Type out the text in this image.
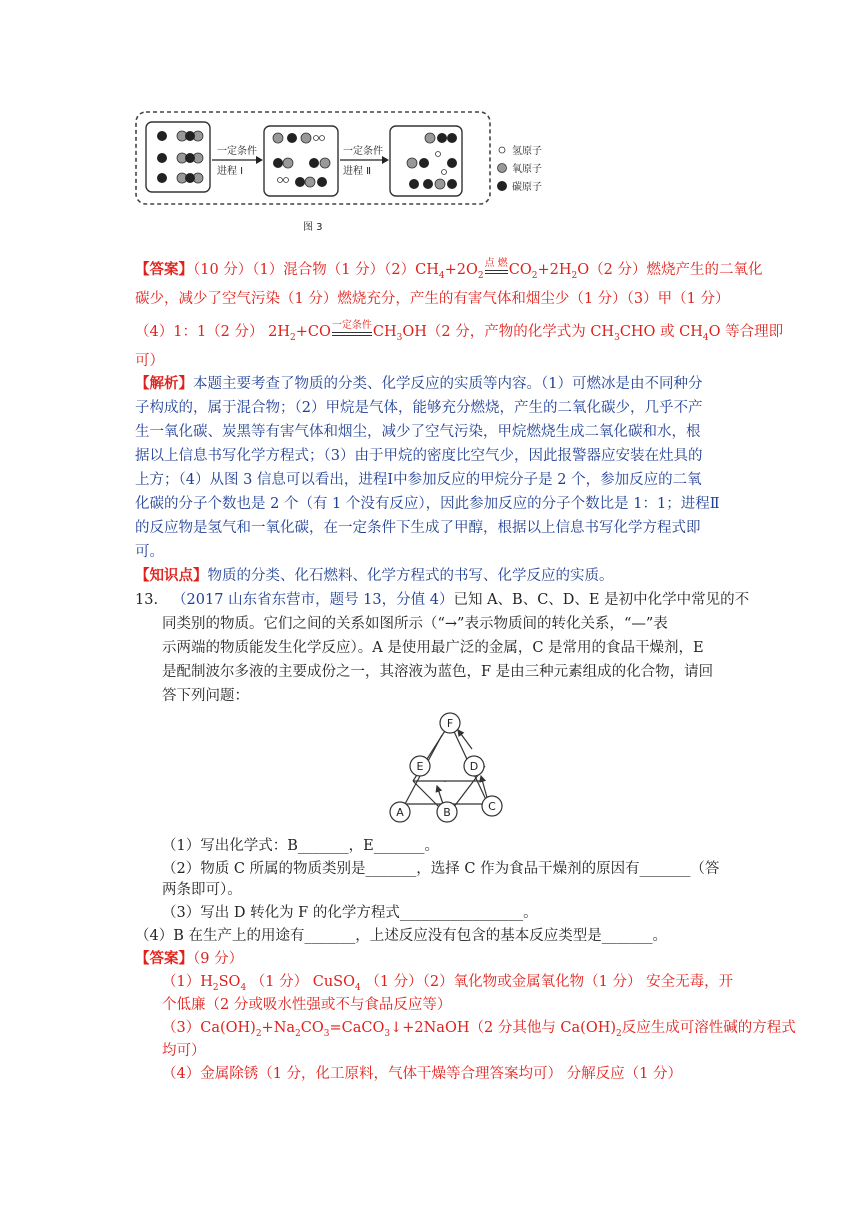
一定条件
进程 Ⅰ
一定条件
进程 Ⅱ
氢原子
氧原子
碳原子
图 3
【答案】（10 分）（1）混合物（1 分）$(2)CH_4+2O_2$点 燃
$CO_2+2H_2O(2$ 分）燃烧产生的二氧化
碳少，减少了空气污染（1 分）燃烧充分，产生的有害气体和烟尘少（1 分）（3）甲（1 分）
（4）1：1（2 分） $2H_2+CO$一定条件
$CH_3OH(2$ 分，产物的化学式为 $CH_3CHO$ 或 $CH_4O$ 等合理即
可）
【解析】本题主要考查了物质的分类、化学反应的实质等内容。（1）可燃冰是由不同种分
子构成的，属于混合物；（2）甲烷是气体，能够充分燃烧，产生的二氧化碳少，几乎不产
生一氧化碳、炭黑等有害气体和烟尘，减少了空气污染，甲烷燃烧生成二氧化碳和水，根
据以上信息书写化学方程式；（3）由于甲烷的密度比空气少，因此报警器应安装在灶具的
上方；（4）从图 3 信息可以看出，进程Ⅰ中参加反应的甲烷分子是 2 个，参加反应的二氧
化碳的分子个数也是 2 个（有 1 个没有反应），因此参加反应的分子个数比是 1：1；进程Ⅱ
的反应物是氢气和一氧化碳，在一定条件下生成了甲醇，根据以上信息书写化学方程式即
可。
【知识点】物质的分类、化石燃料、化学方程式的书写、化学反应的实质。
13. （2017 山东省东营市，题号 13，分值 4）已知 A、B、C、D、E 是初中化学中常见的不
同类别的物质。它们之间的关系如图所示（“→”表示物质间的转化关系，“—”表
示两端的物质能发生化学反应）。A 是使用最广泛的金属，C 是常用的食品干燥剂，E
是配制波尔多液的主要成份之一，其溶液为蓝色，F 是由三种元素组成的化合物，请回
答下列问题：
F
E	D
A	B	C
（1）写出化学式：B_______，E_______。
（2）物质 C 所属的物质类别是_______，选择 C 作为食品干燥剂的原因有_______（答
两条即可）。
（3）写出 D 转化为 F 的化学方程式_________________。
（4）B 在生产上的用途有_______，上述反应没有包含的基本反应类型是_______。
【答案】（9 分）
$(1)H_2SO_4$ （1 分） CuSO$_4$ （1 分）（2）氧化物或金属氧化物（1 分） 安全无毒，开
个低廉（2 分或吸水性强或不与食品反应等）
$(3)Ca(OH)_2+Na_2CO_3=CaCO_3↓+2NaOH(2$ 分其他与 $Ca(OH)_2$反应生成可溶性碱的方程式
均可）
（4）金属除锈（1 分，化工原料，气体干燥等合理答案均可） 分解反应（1 分）
